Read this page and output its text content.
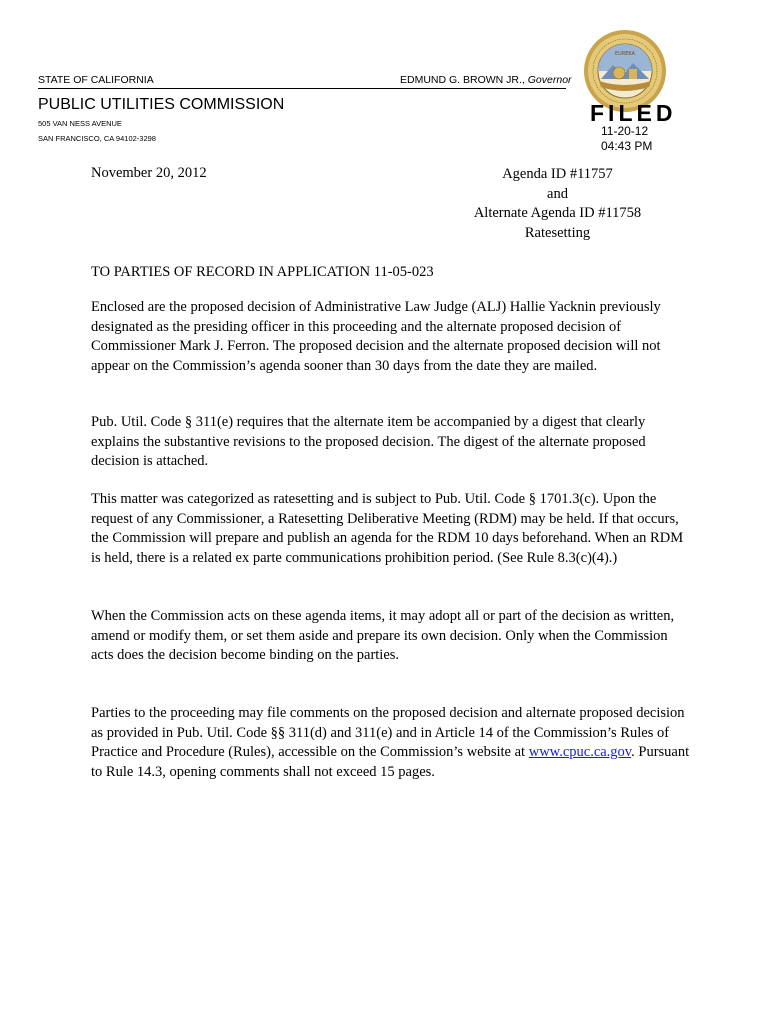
STATE OF CALIFORNIA	EDMUND G. BROWN JR., Governor
PUBLIC UTILITIES COMMISSION
505 VAN NESS AVENUE
SAN FRANCISCO, CA 94102-3298
EUREKA
FILED
11-20-12
04:43 PM
November 20, 2012	Agenda ID #11757
and
Alternate Agenda ID #11758
Ratesetting
TO PARTIES OF RECORD IN APPLICATION 11-05-023
Enclosed are the proposed decision of Administrative Law Judge (ALJ) Hallie Yacknin previously designated as the presiding officer in this proceeding and the alternate proposed decision of Commissioner Mark J. Ferron. The proposed decision and the alternate proposed decision will not appear on the Commission’s agenda sooner than 30 days from the date they are mailed.
Pub. Util. Code § 311(e) requires that the alternate item be accompanied by a digest that clearly explains the substantive revisions to the proposed decision. The digest of the alternate proposed decision is attached.
This matter was categorized as ratesetting and is subject to Pub. Util. Code § 1701.3(c). Upon the request of any Commissioner, a Ratesetting Deliberative Meeting (RDM) may be held. If that occurs, the Commission will prepare and publish an agenda for the RDM 10 days beforehand. When an RDM is held, there is a related ex parte communications prohibition period. (See Rule 8.3(c)(4).)
When the Commission acts on these agenda items, it may adopt all or part of the decision as written, amend or modify them, or set them aside and prepare its own decision. Only when the Commission acts does the decision become binding on the parties.
Parties to the proceeding may file comments on the proposed decision and alternate proposed decision as provided in Pub. Util. Code §§ 311(d) and 311(e) and in Article 14 of the Commission’s Rules of Practice and Procedure (Rules), accessible on the Commission’s website at www.cpuc.ca.gov. Pursuant to Rule 14.3, opening comments shall not exceed 15 pages.
